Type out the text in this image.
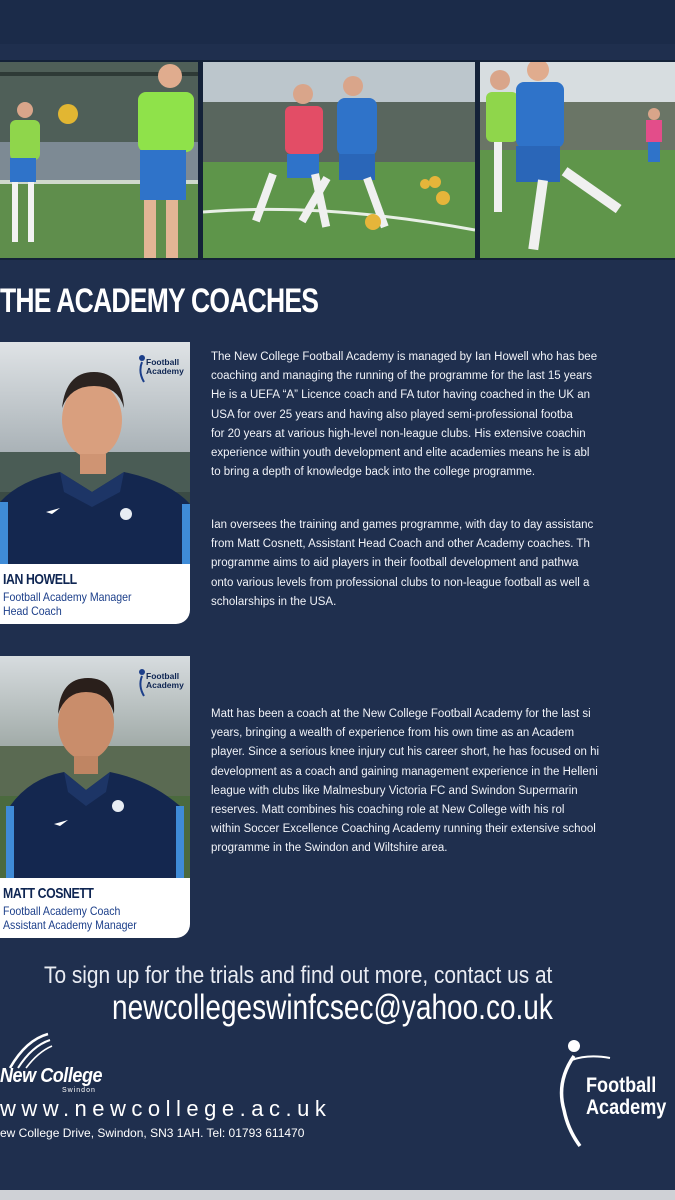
THE ACADEMY COACHES
Football
Academy
IAN HOWELL
Football Academy Manager
Head Coach
Football
Academy
MATT COSNETT
Football Academy Coach
Assistant Academy Manager
The New College Football Academy is managed by Ian Howell who has bee
coaching and managing the running of the programme for the last 15 years
He is a UEFA “A” Licence coach and FA tutor having coached in the UK an
USA for over 25 years and having also played semi-professional footba
for 20 years at various high-level non-league clubs. His extensive coachin
experience within youth development and elite academies means he is abl
to bring a depth of knowledge back into the college programme.
Ian oversees the training and games programme, with day to day assistanc
from Matt Cosnett, Assistant Head Coach and other Academy coaches. Th
programme aims to aid players in their football development and pathwa
onto various levels from professional clubs to non-league football as well a
scholarships in the USA.
Matt has been a coach at the New College Football Academy for the last si
years, bringing a wealth of experience from his own time as an Academ
player. Since a serious knee injury cut his career short, he has focused on hi
development as a coach and gaining management experience in the Helleni
league with clubs like Malmesbury Victoria FC and Swindon Supermarin
reserves. Matt combines his coaching role at New College with his rol
within Soccer Excellence Coaching Academy running their extensive school
programme in the Swindon and Wiltshire area.
To sign up for the trials and find out more, contact us at
newcollegeswinfcsec@yahoo.co.uk
New College
Swindon
www.newcollege.ac.uk
ew College Drive, Swindon, SN3 1AH. Tel: 01793 611470
Football
Academy
